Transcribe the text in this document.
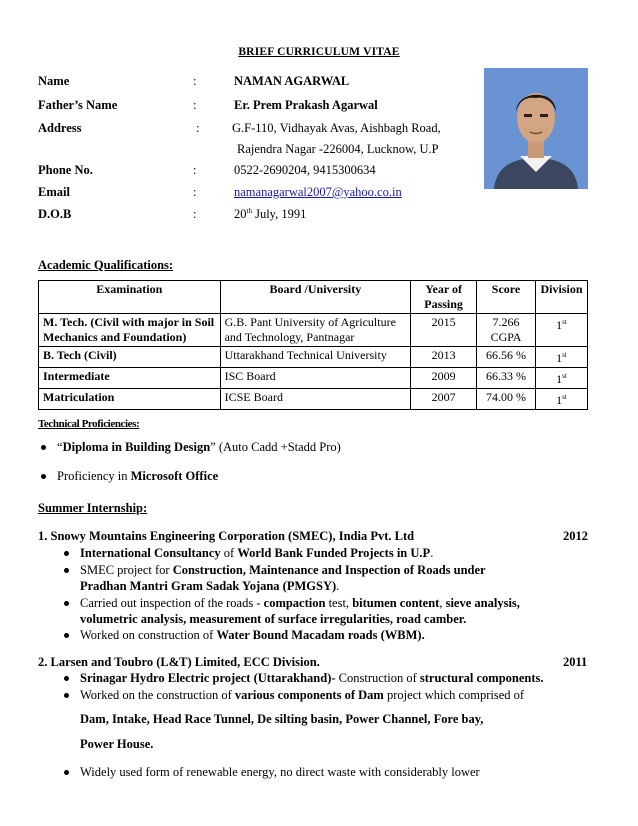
BRIEF CURRICULUM VITAE
Name	:	NAMAN AGARWAL
Father’s Name	:	Er. Prem Prakash Agarwal
Address	:	G.F-110, Vidhayak Avas, Aishbagh Road,
Rajendra Nagar -226004, Lucknow, U.P
Phone No.	:	0522-2690204, 9415300634
Email	:	namanagarwal2007@yahoo.co.in
D.O.B	:	20th July, 1991
Academic Qualifications:
Examination	Board /University	Year of Passing	Score	Division
M. Tech. (Civil with major in Soil Mechanics and Foundation)	G.B. Pant University of Agriculture and Technology, Pantnagar	2015	7.266 CGPA	1st
B. Tech (Civil)	Uttarakhand Technical University	2013	66.56 %	1st
Intermediate	ISC Board	2009	66.33 %	1st
Matriculation	ICSE Board	2007	74.00 %	1st
Technical Proficiencies:
“Diploma in Building Design” (Auto Cadd +Stadd Pro)
Proficiency in Microsoft Office
Summer Internship:
1. Snowy Mountains Engineering Corporation (SMEC), India Pvt. Ltd	2012
International Consultancy of World Bank Funded Projects in U.P.
SMEC project for Construction, Maintenance and Inspection of Roads under
Pradhan Mantri Gram Sadak Yojana (PMGSY).
Carried out inspection of the roads - compaction test, bitumen content, sieve analysis,
volumetric analysis, measurement of surface irregularities, road camber.
Worked on construction of Water Bound Macadam roads (WBM).
2. Larsen and Toubro (L&T) Limited, ECC Division.	2011
Srinagar Hydro Electric project (Uttarakhand)- Construction of structural components.
Worked on the construction of various components of Dam project which comprised of
Dam, Intake, Head Race Tunnel, De silting basin, Power Channel, Fore bay,
Power House.
Widely used form of renewable energy, no direct waste with considerably lower
